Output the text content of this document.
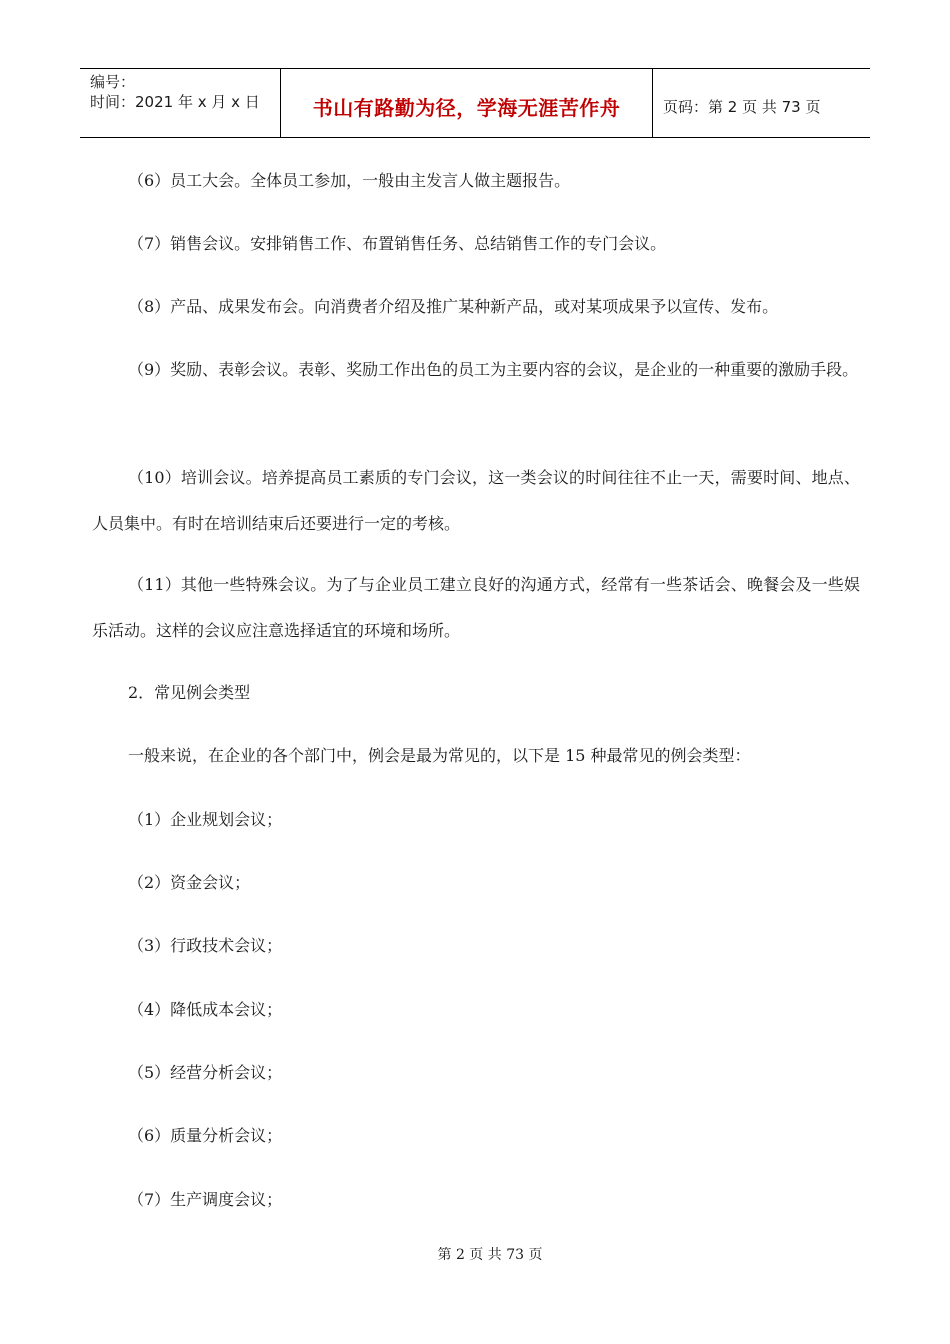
编号：
时间：2021 年 x 月 x 日	书山有路勤为径，学海无涯苦作舟	页码：第 2 页 共 73 页

（6）员工大会。全体员工参加，一般由主发言人做主题报告。

（7）销售会议。安排销售工作、布置销售任务、总结销售工作的专门会议。

（8）产品、成果发布会。向消费者介绍及推广某种新产品，或对某项成果予以宣传、发布。

（9）奖励、表彰会议。表彰、奖励工作出色的员工为主要内容的会议，是企业的一种重要的激励手段。

（10）培训会议。培养提高员工素质的专门会议，这一类会议的时间往往不止一天，需要时间、地点、人员集中。有时在培训结束后还要进行一定的考核。

（11）其他一些特殊会议。为了与企业员工建立良好的沟通方式，经常有一些茶话会、晚餐会及一些娱乐活动。这样的会议应注意选择适宜的环境和场所。

2．常见例会类型

一般来说，在企业的各个部门中，例会是最为常见的，以下是 15 种最常见的例会类型：

（1）企业规划会议；

（2）资金会议；

（3）行政技术会议；

（4）降低成本会议；

（5）经营分析会议；

（6）质量分析会议；

（7）生产调度会议；

第 2 页 共 73 页
